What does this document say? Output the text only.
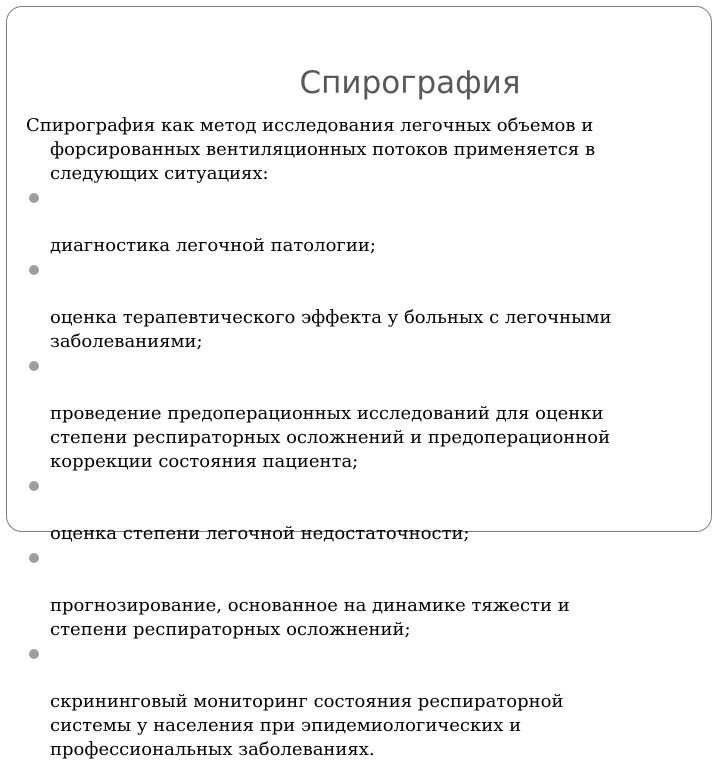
Спирография

Спирография как метод исследования легочных объемов и
форсированных вентиляционных потоков применяется в
следующих ситуациях:

диагностика легочной патологии;

оценка терапевтического эффекта у больных с легочными
заболеваниями;

проведение предоперационных исследований для оценки
степени респираторных осложнений и предоперационной
коррекции состояния пациента;

оценка степени легочной недостаточности;

прогнозирование, основанное на динамике тяжести и
степени респираторных осложнений;

скрининговый мониторинг состояния респираторной
системы у населения при эпидемиологических и
профессиональных заболеваниях.
